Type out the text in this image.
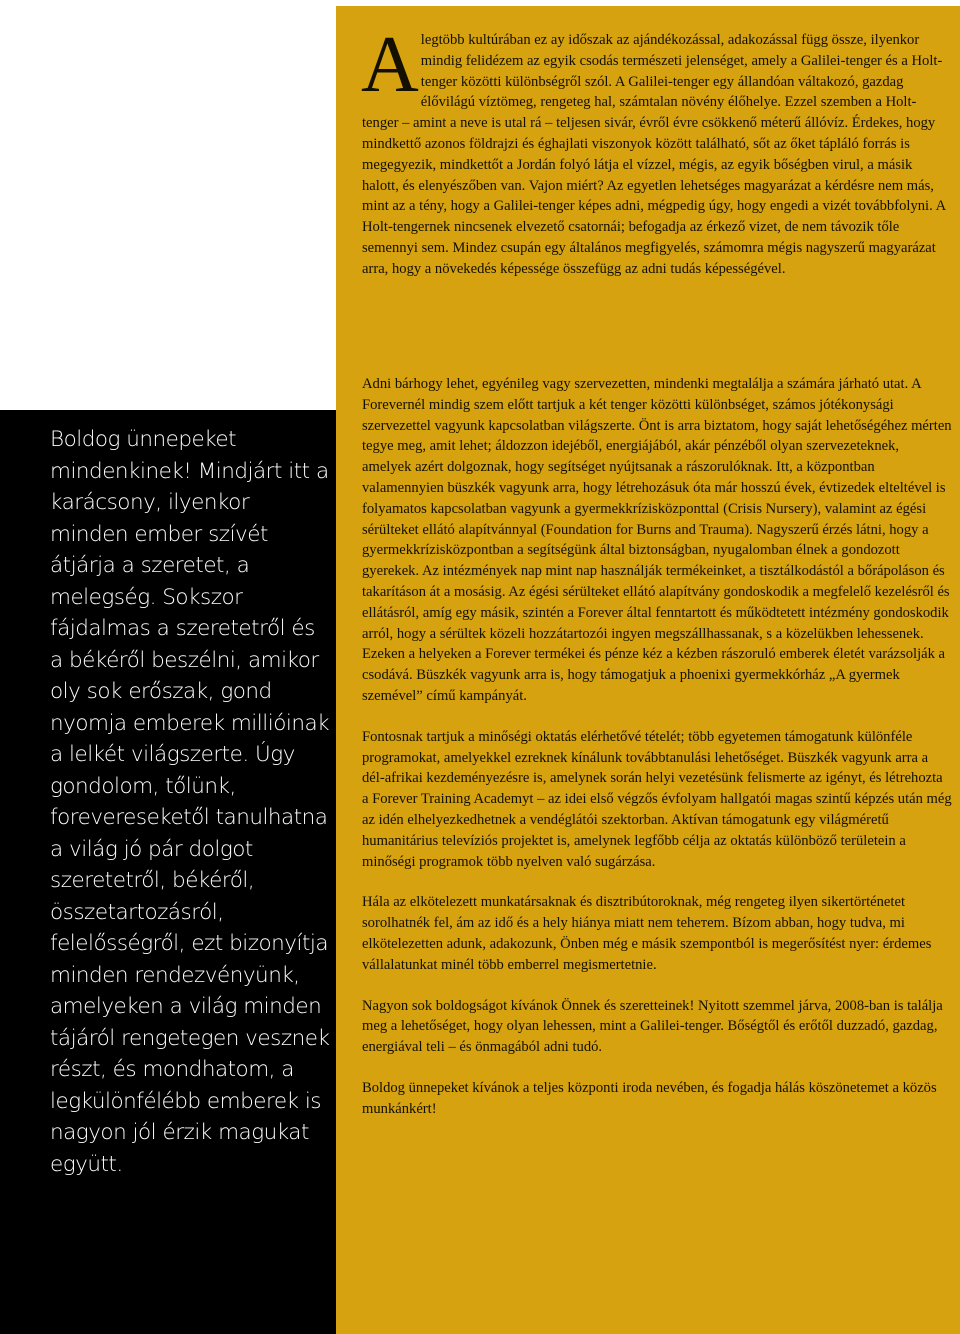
Boldog ünnepeket mindenkinek! Mindjárt itt a karácsony, ilyenkor minden ember szívét átjárja a szeretet, a melegség. Sokszor fájdalmas a szeretetről és a békéről beszélni, amikor oly sok erőszak, gond nyomja emberek millióinak a lelkét világszerte. Úgy gondolom, tőlünk, forevereseketől tanulhatna a világ jó pár dolgot szeretetről, békéről, összetartozásról, felelősségről, ezt bizonyítja minden rendezvényünk, amelyeken a világ minden tájáról rengetegen vesznek részt, és mondhatom, a legkülönfélébb emberek is nagyon jól érzik magukat együtt.

Alegtöbb kultúrában ez ay időszak az ajándékozással, adakozással függ össze, ilyenkor mindig felidézem az egyik csodás természeti jelenséget, amely a Galilei-tenger és a Holt-tenger közötti különbségről szól. A Galilei-tenger egy állandóan váltakozó, gazdag élővilágú víztömeg, rengeteg hal, számtalan növény élőhelye. Ezzel szemben a Holt-tenger – amint a neve is utal rá – teljesen sivár, évről évre csökkenő méterű állóvíz. Érdekes, hogy mindkettő azonos földrajzi és éghajlati viszonyok között található, sőt az őket tápláló forrás is megegyezik, mindkettőt a Jordán folyó látja el vízzel, mégis, az egyik bőségben virul, a másik halott, és elenyészőben van. Vajon miért? Az egyetlen lehetséges magyarázat a kérdésre nem más, mint az a tény, hogy a Galilei-tenger képes adni, mégpedig úgy, hogy engedi a vizét továbbfolyni. A Holt-tengernek nincsenek elvezető csatornái; befogadja az érkező vizet, de nem távozik tőle semennyi sem. Mindez csupán egy általános megfigyelés, számomra mégis nagyszerű magyarázat arra, hogy a növekedés képessége összefügg az adni tudás képességével.

Adni bárhogy lehet, egyénileg vagy szervezetten, mindenki megtalálja a számára járható utat. A Forevernél mindig szem előtt tartjuk a két tenger közötti különbséget, számos jótékonysági szervezettel vagyunk kapcsolatban világszerte. Önt is arra biztatom, hogy saját lehetőségéhez mérten tegye meg, amit lehet; áldozzon idejéből, energiájából, akár pénzéből olyan szervezeteknek, amelyek azért dolgoznak, hogy segítséget nyújtsanak a rászorulóknak. Itt, a központban valamennyien büszkék vagyunk arra, hogy létrehozásuk óta már hosszú évek, évtizedek elteltével is folyamatos kapcsolatban vagyunk a gyermekkrízisközponttal (Crisis Nursery), valamint az égési sérülteket ellátó alapítvánnyal (Foundation for Burns and Trauma). Nagyszerű érzés látni, hogy a gyermekkrízisközpontban a segítségünk által biztonságban, nyugalomban élnek a gondozott gyerekek. Az intézmények nap mint nap használják termékeinket, a tisztálkodástól a bőrápoláson és takarításon át a mosásig. Az égési sérülteket ellátó alapítvány gondoskodik a megfelelő kezelésről és ellátásról, amíg egy másik, szintén a Forever által fenntartott és működtetett intézmény gondoskodik arról, hogy a sérültek közeli hozzátartozói ingyen megszállhassanak, s a közelükben lehessenek. Ezeken a helyeken a Forever termékei és pénze kéz a kézben rászoruló emberek életét varázsolják a csodává. Büszkék vagyunk arra is, hogy támogatjuk a phoenixi gyermekkórház „A gyermek szemével” című kampányát.

Fontosnak tartjuk a minőségi oktatás elérhetővé tételét; több egyetemen támogatunk különféle programokat, amelyekkel ezreknek kínálunk továbbtanulási lehetőséget. Büszkék vagyunk arra a dél-afrikai kezdeményezésre is, amelynek során helyi vezetésünk felismerte az igényt, és létrehozta a Forever Training Academyt – az idei első végzős évfolyam hallgatói magas szintű képzés után még az idén elhelyezkedhetnek a vendéglátói szektorban. Aktívan támogatunk egy világméretű humanitárius televíziós projektet is, amelynek legfőbb célja az oktatás különböző területein a minőségi programok több nyelven való sugárzása.

Hála az elkötelezett munkatársaknak és disztribútoroknak, még rengeteg ilyen sikertörténetet sorolhatnék fel, ám az idő és a hely hiánya miatt nem teheтem. Bízom abban, hogy tudva, mi elkötelezetten adunk, adakozunk, Önben még e másik szempontból is megerősítést nyer: érdemes vállalatunkat minél több emberrel megismertetnie.

Nagyon sok boldogságot kívánok Önnek és szeretteinek! Nyitott szemmel járva, 2008-ban is találja meg a lehetőséget, hogy olyan lehessen, mint a Galilei-tenger. Bőségtől és erőtől duzzadó, gazdag, energiával teli – és önmagából adni tudó.

Boldog ünnepeket kívánok a teljes központi iroda nevében, és fogadja hálás köszönetemet a közös munkánkért!
